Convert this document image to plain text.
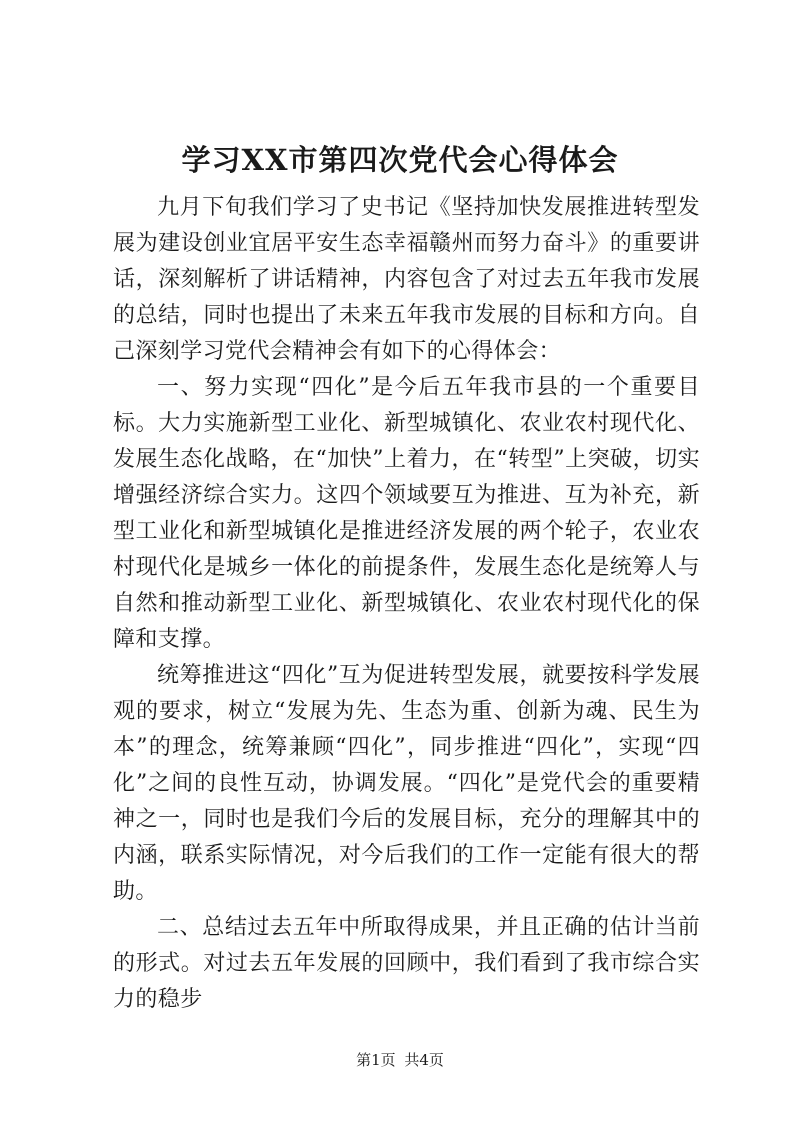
学习XX市第四次党代会心得体会

九月下旬我们学习了史书记《坚持加快发展推进转型发展为建设创业宜居平安生态幸福赣州而努力奋斗》的重要讲话，深刻解析了讲话精神，内容包含了对过去五年我市发展的总结，同时也提出了未来五年我市发展的目标和方向。自己深刻学习党代会精神会有如下的心得体会：

一、努力实现“四化”是今后五年我市县的一个重要目标。大力实施新型工业化、新型城镇化、农业农村现代化、发展生态化战略，在“加快”上着力，在“转型”上突破，切实增强经济综合实力。这四个领域要互为推进、互为补充，新型工业化和新型城镇化是推进经济发展的两个轮子，农业农村现代化是城乡一体化的前提条件，发展生态化是统筹人与自然和推动新型工业化、新型城镇化、农业农村现代化的保障和支撑。

统筹推进这“四化”互为促进转型发展，就要按科学发展观的要求，树立“发展为先、生态为重、创新为魂、民生为本”的理念，统筹兼顾“四化”，同步推进“四化”，实现“四化”之间的良性互动，协调发展。“四化”是党代会的重要精神之一，同时也是我们今后的发展目标，充分的理解其中的内涵，联系实际情况，对今后我们的工作一定能有很大的帮助。

二、总结过去五年中所取得成果，并且正确的估计当前的形式。对过去五年发展的回顾中，我们看到了我市综合实力的稳步

第1页 共4页
